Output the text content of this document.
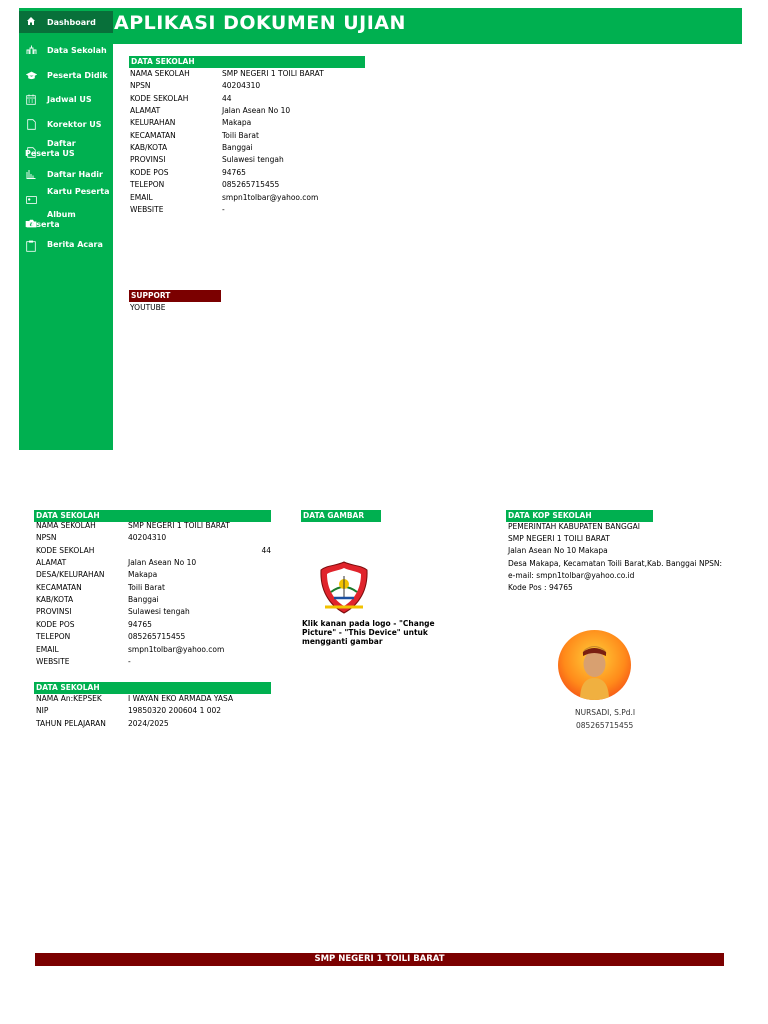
Dashboard
Data Sekolah
Peserta Didik
Jadwal US
Korektor US
Daftar Peserta US
Daftar Hadir
Kartu Peserta
Album Peserta
Berita Acara
APLIKASI DOKUMEN UJIAN
DATA SEKOLAH
NAMA SEKOLAH	SMP NEGERI 1 TOILI BARAT
NPSN	40204310
KODE SEKOLAH	44
ALAMAT	Jalan Asean No 10
KELURAHAN	Makapa
KECAMATAN	Toili Barat
KAB/KOTA	Banggai
PROVINSI	Sulawesi tengah
KODE POS	94765
TELEPON	085265715455
EMAIL	smpn1tolbar@yahoo.com
WEBSITE	-
SUPPORT
YOUTUBE
DATA SEKOLAH
NAMA SEKOLAH	SMP NEGERI 1 TOILI BARAT
NPSN	40204310
KODE SEKOLAH	44
ALAMAT	Jalan Asean No 10
DESA/KELURAHAN	Makapa
KECAMATAN	Toili Barat
KAB/KOTA	Banggai
PROVINSI	Sulawesi tengah
KODE POS	94765
TELEPON	085265715455
EMAIL	smpn1tolbar@yahoo.com
WEBSITE	-
DATA SEKOLAH
NAMA An:KEPSEK	I WAYAN EKO ARMADA YASA
NIP	19850320 200604 1 002
TAHUN PELAJARAN	2024/2025
DATA GAMBAR
Klik kanan pada logo - "Change Picture" - "This Device" untuk mengganti gambar
DATA KOP SEKOLAH
PEMERINTAH KABUPATEN BANGGAI
SMP NEGERI 1 TOILI BARAT
Jalan Asean No 10 Makapa
Desa Makapa, Kecamatan Toili Barat,Kab. Banggai NPSN:
e-mail: smpn1tolbar@yahoo.co.id
Kode Pos : 94765
NURSADI, S.Pd.I
085265715455
SMP NEGERI 1 TOILI BARAT
